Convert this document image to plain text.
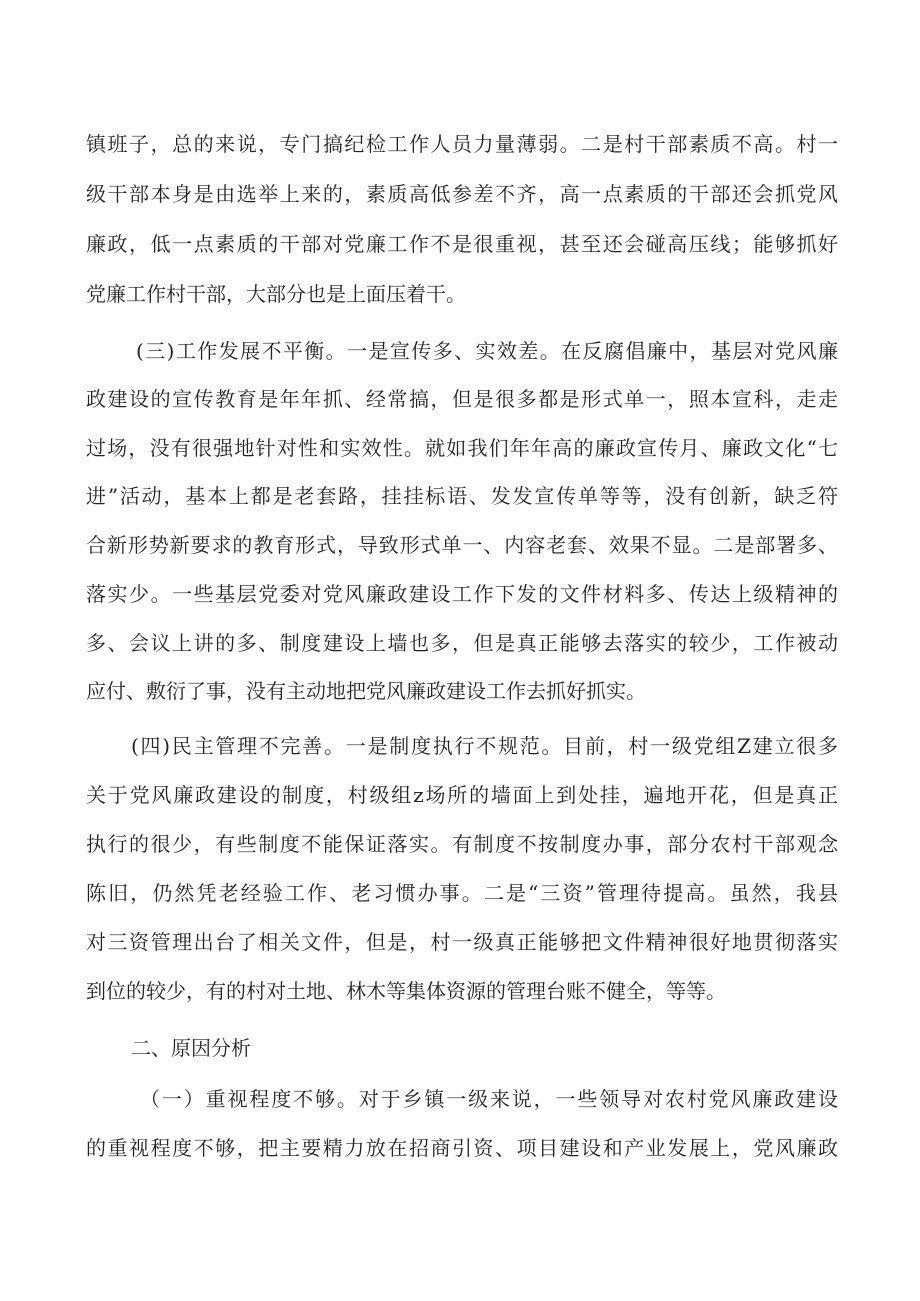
镇班子，总的来说，专门搞纪检工作人员力量薄弱。二是村干部素质不高。村一
级干部本身是由选举上来的，素质高低参差不齐，高一点素质的干部还会抓党风
廉政，低一点素质的干部对党廉工作不是很重视，甚至还会碰高压线；能够抓好
党廉工作村干部，大部分也是上面压着干。
(三)工作发展不平衡。一是宣传多、实效差。在反腐倡廉中，基层对党风廉
政建设的宣传教育是年年抓、经常搞，但是很多都是形式单一，照本宣科，走走
过场，没有很强地针对性和实效性。就如我们年年高的廉政宣传月、廉政文化“七
进”活动，基本上都是老套路，挂挂标语、发发宣传单等等，没有创新，缺乏符
合新形势新要求的教育形式，导致形式单一、内容老套、效果不显。二是部署多、
落实少。一些基层党委对党风廉政建设工作下发的文件材料多、传达上级精神的
多、会议上讲的多、制度建设上墙也多，但是真正能够去落实的较少，工作被动
应付、敷衍了事，没有主动地把党风廉政建设工作去抓好抓实。
(四)民主管理不完善。一是制度执行不规范。目前，村一级党组Z建立很多
关于党风廉政建设的制度，村级组z场所的墙面上到处挂，遍地开花，但是真正
执行的很少，有些制度不能保证落实。有制度不按制度办事，部分农村干部观念
陈旧，仍然凭老经验工作、老习惯办事。二是“三资”管理待提高。虽然，我县
对三资管理出台了相关文件，但是，村一级真正能够把文件精神很好地贯彻落实
到位的较少，有的村对土地、林木等集体资源的管理台账不健全，等等。
二、原因分析
（一）重视程度不够。对于乡镇一级来说，一些领导对农村党风廉政建设
的重视程度不够，把主要精力放在招商引资、项目建设和产业发展上，党风廉政
